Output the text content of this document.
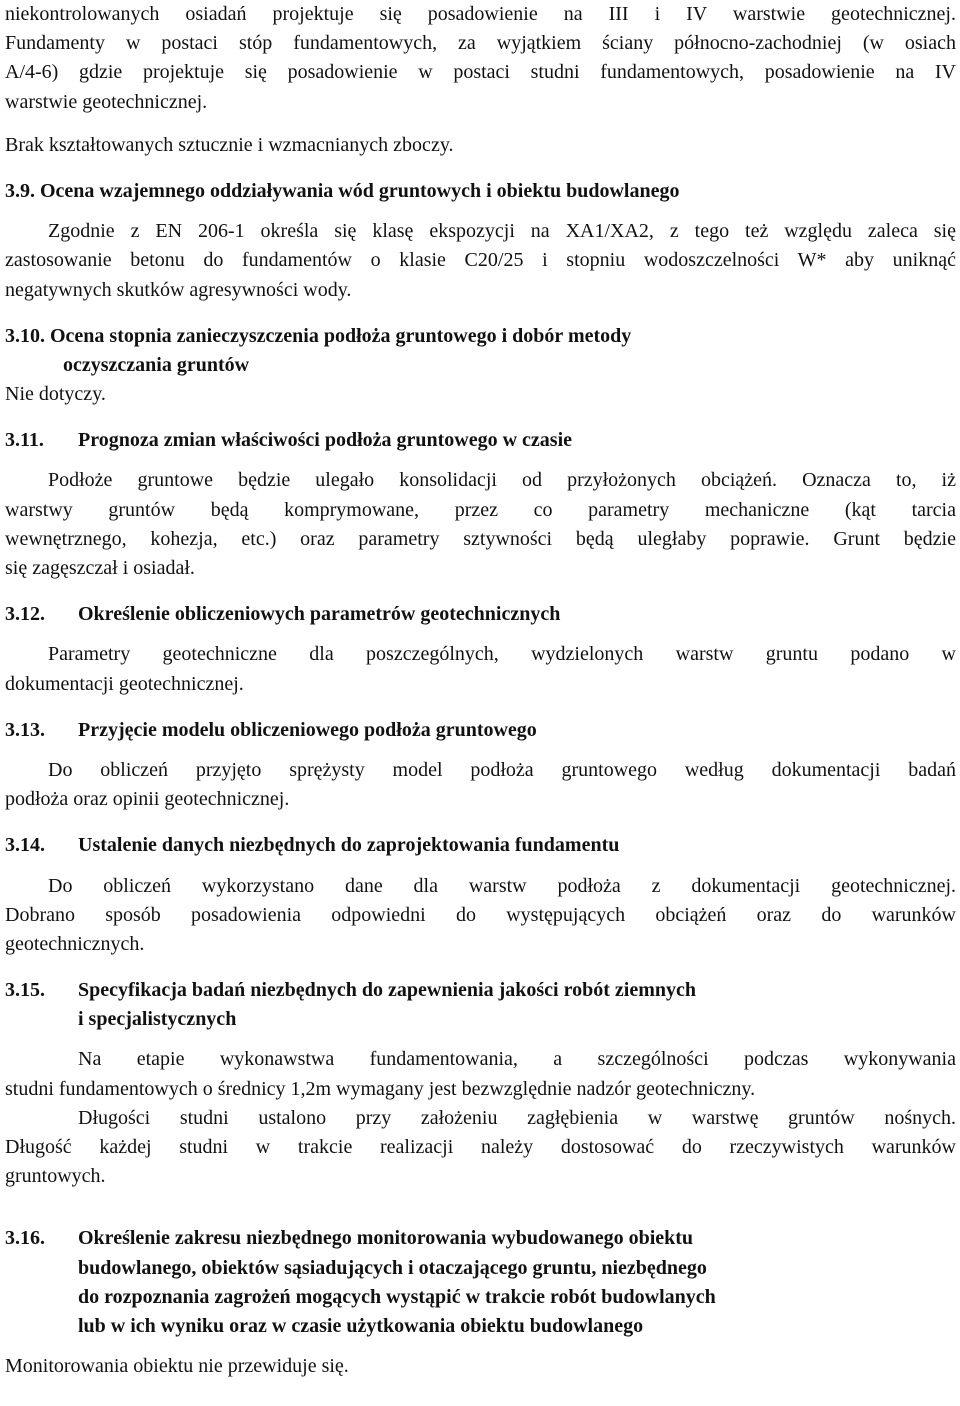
niekontrolowanych osiadań projektuje się posadowienie na III i IV warstwie geotechnicznej.
Fundamenty w postaci stóp fundamentowych, za wyjątkiem ściany północno-zachodniej (w osiach
A/4-6) gdzie projektuje się posadowienie w postaci studni fundamentowych, posadowienie na IV
warstwie geotechnicznej.
Brak kształtowanych sztucznie i wzmacnianych zboczy.
3.9. Ocena wzajemnego oddziaływania wód gruntowych i obiektu budowlanego
Zgodnie z EN 206-1 określa się klasę ekspozycji na XA1/XA2, z tego też względu zaleca się
zastosowanie betonu do fundamentów o klasie C20/25 i stopniu wodoszczelności W* aby uniknąć
negatywnych skutków agresywności wody.
3.10. Ocena stopnia zanieczyszczenia podłoża gruntowego i dobór metody
oczyszczania gruntów
Nie dotyczy.
3.11. Prognoza zmian właściwości podłoża gruntowego w czasie
Podłoże gruntowe będzie ulegało konsolidacji od przyłożonych obciążeń. Oznacza to, iż
warstwy gruntów będą komprymowane, przez co parametry mechaniczne (kąt tarcia
wewnętrznego, kohezja, etc.) oraz parametry sztywności będą uległaby poprawie. Grunt będzie
się zagęszczał i osiadał.
3.12. Określenie obliczeniowych parametrów geotechnicznych
Parametry geotechniczne dla poszczególnych, wydzielonych warstw gruntu podano w
dokumentacji geotechnicznej.
3.13. Przyjęcie modelu obliczeniowego podłoża gruntowego
Do obliczeń przyjęto sprężysty model podłoża gruntowego według dokumentacji badań
podłoża oraz opinii geotechnicznej.
3.14. Ustalenie danych niezbędnych do zaprojektowania fundamentu
Do obliczeń wykorzystano dane dla warstw podłoża z dokumentacji geotechnicznej.
Dobrano sposób posadowienia odpowiedni do występujących obciążeń oraz do warunków
geotechnicznych.
3.15. Specyfikacja badań niezbędnych do zapewnienia jakości robót ziemnych
i specjalistycznych
Na etapie wykonawstwa fundamentowania, a szczególności podczas wykonywania
studni fundamentowych o średnicy 1,2m wymagany jest bezwzględnie nadzór geotechniczny.
Długości studni ustalono przy założeniu zagłębienia w warstwę gruntów nośnych.
Długość każdej studni w trakcie realizacji należy dostosować do rzeczywistych warunków
gruntowych.
3.16. Określenie zakresu niezbędnego monitorowania wybudowanego obiektu
budowlanego, obiektów sąsiadujących i otaczającego gruntu, niezbędnego
do rozpoznania zagrożeń mogących wystąpić w trakcie robót budowlanych
lub w ich wyniku oraz w czasie użytkowania obiektu budowlanego
Monitorowania obiektu nie przewiduje się.
